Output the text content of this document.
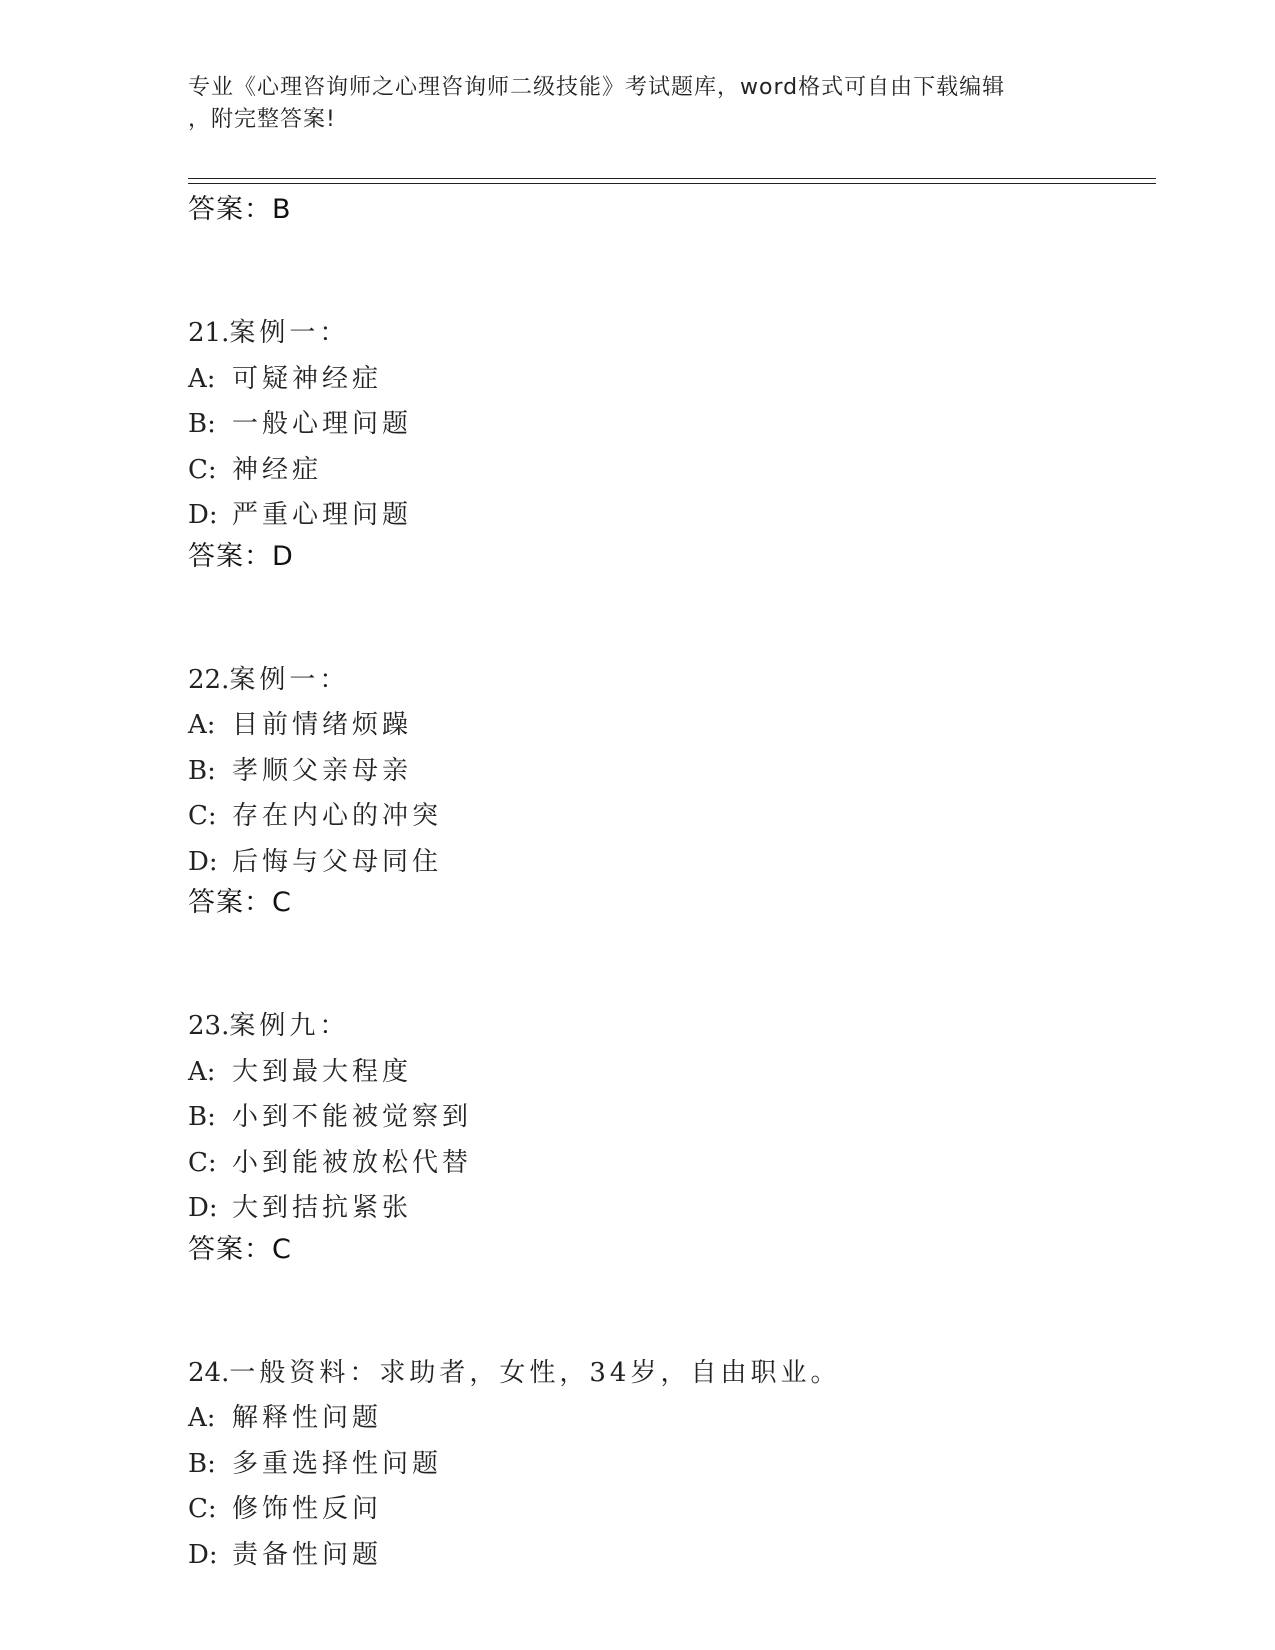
专业《心理咨询师之心理咨询师二级技能》考试题库，word格式可自由下载编辑

，附完整答案!
答案：B
21.案例一：
A: 可疑神经症
B: 一般心理问题
C: 神经症
D: 严重心理问题
答案：D
22.案例一：
A: 目前情绪烦躁
B: 孝顺父亲母亲
C: 存在内心的冲突
D: 后悔与父母同住
答案：C
23.案例九：
A: 大到最大程度
B: 小到不能被觉察到
C: 小到能被放松代替
D: 大到拮抗紧张
答案：C
24.一般资料：求助者，女性，34岁，自由职业。
A: 解释性问题
B: 多重选择性问题
C: 修饰性反问
D: 责备性问题
